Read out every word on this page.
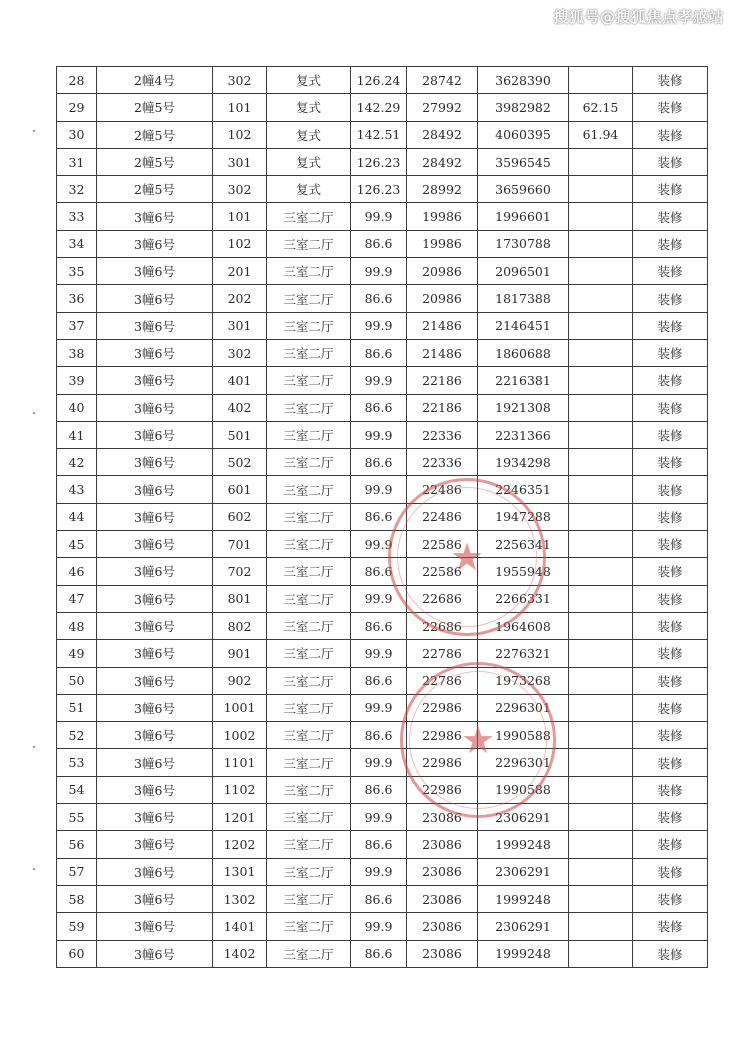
搜狐号@搜狐焦点孝感站
28	2幢4号	302	复式	126.24	28742	3628390		装修
29	2幢5号	101	复式	142.29	27992	3982982	62.15	装修
30	2幢5号	102	复式	142.51	28492	4060395	61.94	装修
31	2幢5号	301	复式	126.23	28492	3596545		装修
32	2幢5号	302	复式	126.23	28992	3659660		装修
33	3幢6号	101	三室二厅	99.9	19986	1996601		装修
34	3幢6号	102	三室二厅	86.6	19986	1730788		装修
35	3幢6号	201	三室二厅	99.9	20986	2096501		装修
36	3幢6号	202	三室二厅	86.6	20986	1817388		装修
37	3幢6号	301	三室二厅	99.9	21486	2146451		装修
38	3幢6号	302	三室二厅	86.6	21486	1860688		装修
39	3幢6号	401	三室二厅	99.9	22186	2216381		装修
40	3幢6号	402	三室二厅	86.6	22186	1921308		装修
41	3幢6号	501	三室二厅	99.9	22336	2231366		装修
42	3幢6号	502	三室二厅	86.6	22336	1934298		装修
43	3幢6号	601	三室二厅	99.9	22486	2246351		装修
44	3幢6号	602	三室二厅	86.6	22486	1947288		装修
45	3幢6号	701	三室二厅	99.9	22586	2256341		装修
46	3幢6号	702	三室二厅	86.6	22586	1955948		装修
47	3幢6号	801	三室二厅	99.9	22686	2266331		装修
48	3幢6号	802	三室二厅	86.6	22686	1964608		装修
49	3幢6号	901	三室二厅	99.9	22786	2276321		装修
50	3幢6号	902	三室二厅	86.6	22786	1973268		装修
51	3幢6号	1001	三室二厅	99.9	22986	2296301		装修
52	3幢6号	1002	三室二厅	86.6	22986	1990588		装修
53	3幢6号	1101	三室二厅	99.9	22986	2296301		装修
54	3幢6号	1102	三室二厅	86.6	22986	1990588		装修
55	3幢6号	1201	三室二厅	99.9	23086	2306291		装修
56	3幢6号	1202	三室二厅	86.6	23086	1999248		装修
57	3幢6号	1301	三室二厅	99.9	23086	2306291		装修
58	3幢6号	1302	三室二厅	86.6	23086	1999248		装修
59	3幢6号	1401	三室二厅	99.9	23086	2306291		装修
60	3幢6号	1402	三室二厅	86.6	23086	1999248		装修
★
★
